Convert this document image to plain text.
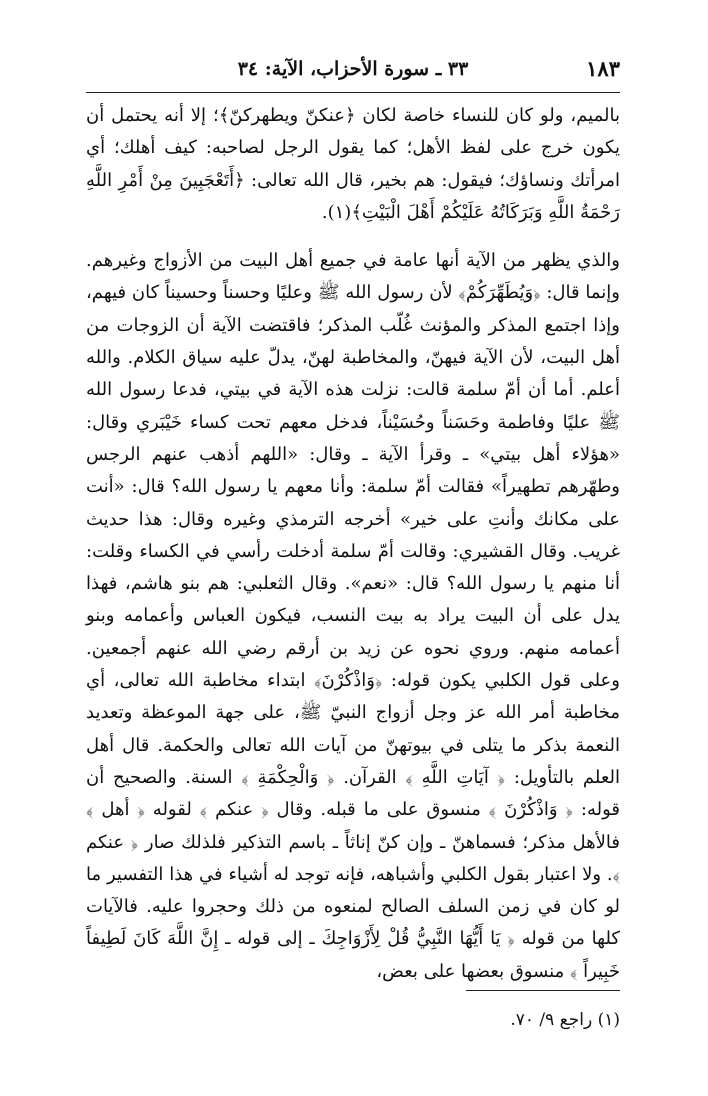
١٨٣
٣٣ ـ سورة الأحزاب، الآية: ٣٤

بالميم، ولو كان للنساء خاصة لكان ﴿عنكنّ ويطهركنّ﴾؛ إلا أنه يحتمل أن يكون خرج على لفظ الأهل؛ كما يقول الرجل لصاحبه: كيف أهلك؛ أي امرأتك ونساؤك؛ فيقول: هم بخير، قال الله تعالى: ﴿أَتَعْجَبِينَ مِنْ أَمْرِ اللَّهِ رَحْمَةُ اللَّهِ وَبَرَكَاتُهُ عَلَيْكُمْ أَهْلَ الْبَيْتِ﴾(١).

والذي يظهر من الآية أنها عامة في جميع أهل البيت من الأزواج وغيرهم. وإنما قال: ﴿وَيُطَهِّرَكُمْ﴾ لأن رسول الله ﷺ وعليًا وحسناً وحسيناً كان فيهم، وإذا اجتمع المذكر والمؤنث غُلّب المذكر؛ فاقتضت الآية أن الزوجات من أهل البيت، لأن الآية فيهنّ، والمخاطبة لهنّ، يدلّ عليه سياق الكلام. والله أعلم. أما أن أمّ سلمة قالت: نزلت هذه الآية في بيتي، فدعا رسول الله ﷺ عليًا وفاطمة وحَسَناً وحُسَيْناً، فدخل معهم تحت كساء خَيْبَري وقال: «هؤلاء أهل بيتي» ـ وقرأ الآية ـ وقال: «اللهم أذهب عنهم الرجس وطهّرهم تطهيراً» فقالت أمّ سلمة: وأنا معهم يا رسول الله؟ قال: «أنت على مكانك وأنتِ على خير» أخرجه الترمذي وغيره وقال: هذا حديث غريب. وقال القشيري: وقالت أمّ سلمة أدخلت رأسي في الكساء وقلت: أنا منهم يا رسول الله؟ قال: «نعم». وقال الثعلبي: هم بنو هاشم، فهذا يدل على أن البيت يراد به بيت النسب، فيكون العباس وأعمامه وبنو أعمامه منهم. وروي نحوه عن زيد بن أرقم رضي الله عنهم أجمعين. وعلى قول الكلبي يكون قوله: ﴿وَاذْكُرْنَ﴾ ابتداء مخاطبة الله تعالى، أي مخاطبة أمر الله عز وجل أزواج النبيّ ﷺ، على جهة الموعظة وتعديد النعمة بذكر ما يتلى في بيوتهنّ من آيات الله تعالى والحكمة. قال أهل العلم بالتأويل: ﴿ آيَاتِ اللَّهِ ﴾ القرآن. ﴿ وَالْحِكْمَةِ ﴾ السنة. والصحيح أن قوله: ﴿ وَاذْكُرْنَ ﴾ منسوق على ما قبله. وقال ﴿ عنكم ﴾ لقوله ﴿ أهل ﴾ فالأهل مذكر؛ فسماهنّ ـ وإن كنّ إناثاً ـ باسم التذكير فلذلك صار ﴿ عنكم ﴾. ولا اعتبار بقول الكلبي وأشباهه، فإنه توجد له أشياء في هذا التفسير ما لو كان في زمن السلف الصالح لمنعوه من ذلك وحجروا عليه. فالآيات كلها من قوله ﴿ يَا أَيُّهَا النَّبِيُّ قُلْ لِأَزْوَاجِكَ ـ إلى قوله ـ إِنَّ اللَّهَ كَانَ لَطِيفاً خَبِيراً ﴾ منسوق بعضها على بعض،

(١) راجع ٩/ ٧٠.
